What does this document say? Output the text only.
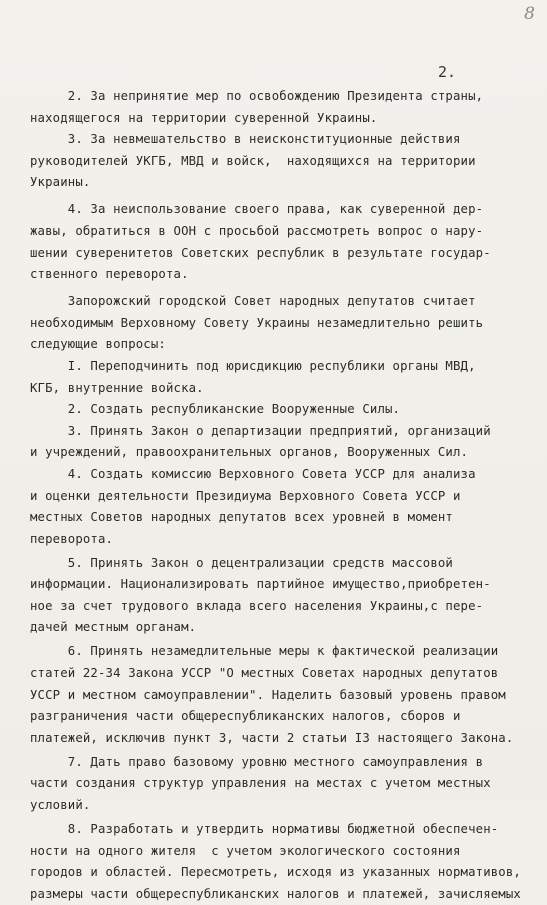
8
2.
2. За непринятие мер по освобождению Президента страны,
находящегося на территории суверенной Украины.
3. За невмешательство в неисконституционные действия
руководителей УКГБ, МВД и войск,  находящихся на территории
Украины.
4. За неиспользование своего права, как суверенной дер-
жавы, обратиться в ООН с просьбой рассмотреть вопрос о нару-
шении суверенитетов Советских республик в результате государ-
ственного переворота.
Запорожский городской Совет народных депутатов считает
необходимым Верховному Совету Украины незамедлительно решить
следующие вопросы:
I. Переподчинить под юрисдикцию республики органы МВД,
КГБ, внутренние войска.
2. Создать республиканские Вооруженные Силы.
3. Принять Закон о департизации предприятий, организаций
и учреждений, правоохранительных органов, Вооруженных Сил.
4. Создать комиссию Верховного Совета УССР для анализа
и оценки деятельности Президиума Верховного Совета УССР и
местных Советов народных депутатов всех уровней в момент
переворота.
5. Принять Закон о децентрализации средств массовой
информации. Национализировать партийное имущество,приобретен-
ное за счет трудового вклада всего населения Украины,с пере-
дачей местным органам.
6. Принять незамедлительные меры к фактической реализации
статей 22-34 Закона УССР "О местных Советах народных депутатов
УССР и местном самоуправлении". Наделить базовый уровень правом
разграничения части общереспубликанских налогов, сборов и
платежей, исключив пункт 3, части 2 статьи I3 настоящего Закона.
7. Дать право базовому уровню местного самоуправления в
части создания структур управления на местах с учетом местных
условий.
8. Разработать и утвердить нормативы бюджетной обеспечен-
ности на одного жителя  с учетом экологического состояния
городов и областей. Пересмотреть, исходя из указанных нормативов,
размеры части общереспубликанских налогов и платежей, зачисляемых
